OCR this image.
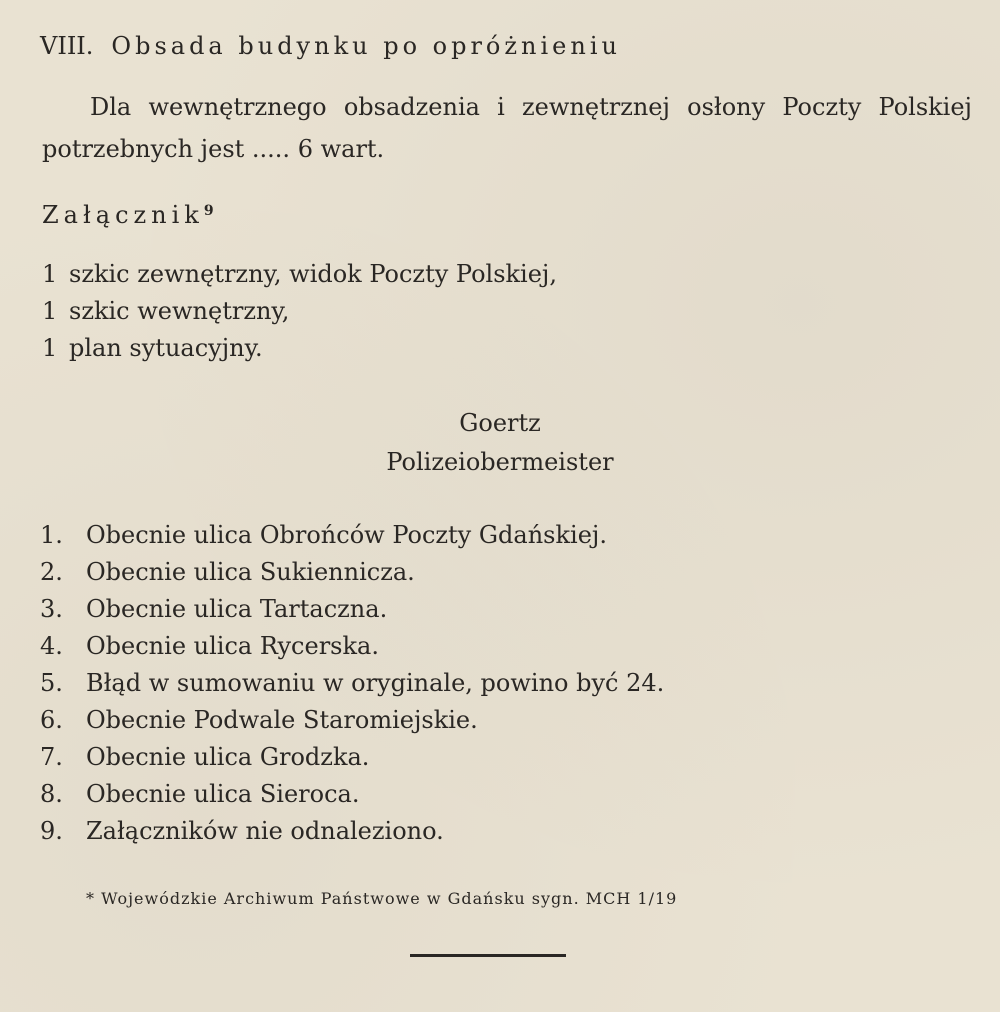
VIII. Obsada budynku po opróżnieniu
Dla wewnętrznego obsadzenia i zewnętrznej osłony Poczty Polskiej potrzebnych jest ..... 6 wart.
Załącznik$^9$
1 szkic zewnętrzny, widok Poczty Polskiej,
1 szkic wewnętrzny,
1 plan sytuacyjny.
Goertz
Polizeiobermeister
1. Obecnie ulica Obrońców Poczty Gdańskiej.
2. Obecnie ulica Sukiennicza.
3. Obecnie ulica Tartaczna.
4. Obecnie ulica Rycerska.
5. Błąd w sumowaniu w oryginale, powino być 24.
6. Obecnie Podwale Staromiejskie.
7. Obecnie ulica Grodzka.
8. Obecnie ulica Sieroca.
9. Załączników nie odnaleziono.
* Wojewódzkie Archiwum Państwowe w Gdańsku sygn. MCH 1/19
